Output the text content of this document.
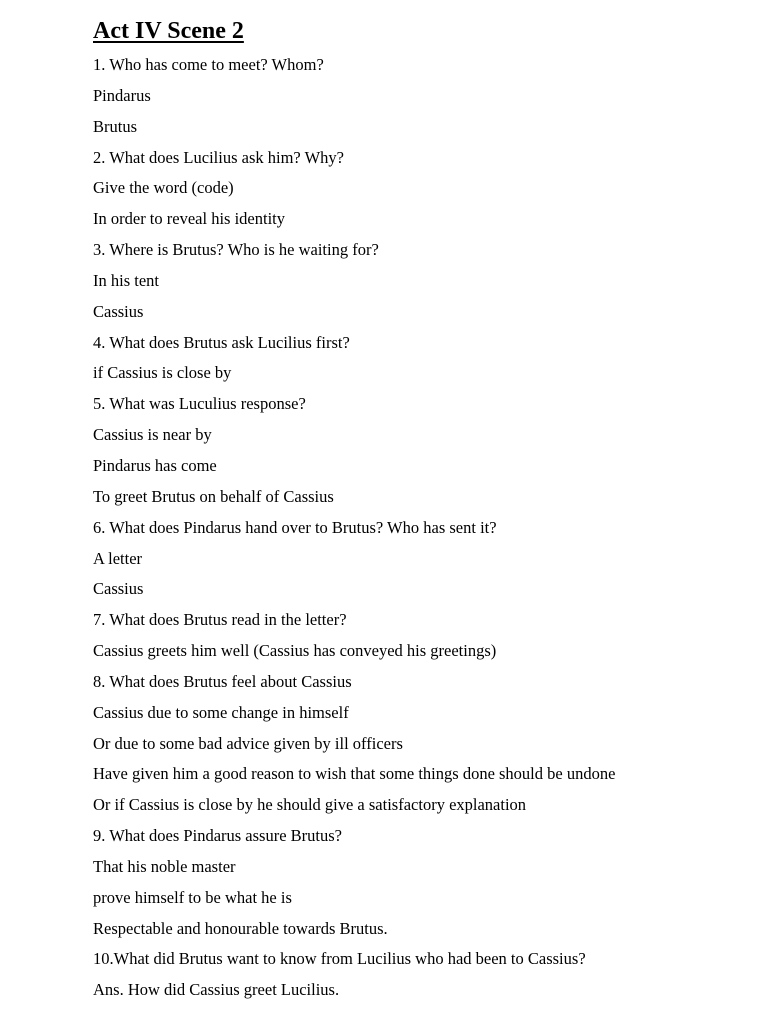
Act IV Scene 2
1. Who has come to meet? Whom?
Pindarus
Brutus
2. What does Lucilius ask him? Why?
Give the word (code)
In order to reveal his identity
3. Where is Brutus? Who is he waiting for?
In his tent
Cassius
4. What does Brutus ask Lucilius first?
if Cassius is close by
5. What was Luculius response?
Cassius is near by
Pindarus has come
To greet Brutus on behalf of Cassius
6. What does Pindarus hand over to Brutus? Who has sent it?
A letter
Cassius
7. What does Brutus read in the letter?
Cassius greets him well (Cassius has conveyed his greetings)
8. What does Brutus feel about Cassius
Cassius due to some change in himself
Or due to some bad advice given by ill officers
Have given him a good reason to wish that some things done should be undone
Or if Cassius is close by he should give a satisfactory explanation
9. What does Pindarus assure Brutus?
That his noble master
prove himself to be what he is
Respectable and honourable towards Brutus.
10.What did Brutus want to know from Lucilius who had been to Cassius?
Ans. How did Cassius greet Lucilius.
